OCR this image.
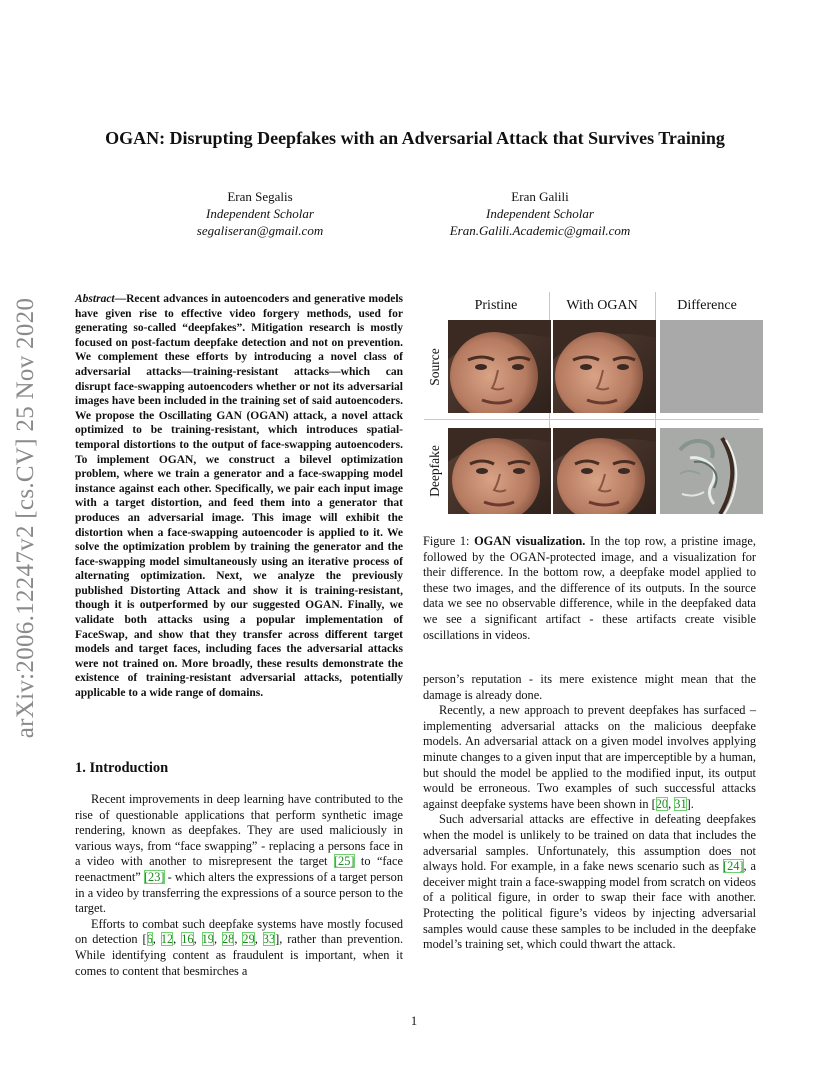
arXiv:2006.12247v2 [cs.CV] 25 Nov 2020
OGAN: Disrupting Deepfakes with an Adversarial Attack that Survives Training
Eran Segalis
Independent Scholar
segaliseran@gmail.com
Eran Galili
Independent Scholar
Eran.Galili.Academic@gmail.com
Abstract—Recent advances in autoencoders and generative models have given rise to effective video forgery methods, used for generating so-called “deepfakes”. Mitigation research is mostly focused on post-factum deepfake detection and not on prevention. We complement these efforts by introducing a novel class of adversarial attacks—training-resistant attacks—which can disrupt face-swapping autoencoders whether or not its adversarial images have been included in the training set of said autoencoders. We propose the Oscillating GAN (OGAN) attack, a novel attack optimized to be training-resistant, which introduces spatial-temporal distortions to the output of face-swapping autoencoders. To implement OGAN, we construct a bilevel optimization problem, where we train a generator and a face-swapping model instance against each other. Specifically, we pair each input image with a target distortion, and feed them into a generator that produces an adversarial image. This image will exhibit the distortion when a face-swapping autoencoder is applied to it. We solve the optimization problem by training the generator and the face-swapping model simultaneously using an iterative process of alternating optimization. Next, we analyze the previously published Distorting Attack and show it is training-resistant, though it is outperformed by our suggested OGAN. Finally, we validate both attacks using a popular implementation of FaceSwap, and show that they transfer across different target models and target faces, including faces the adversarial attacks were not trained on. More broadly, these results demonstrate the existence of training-resistant adversarial attacks, potentially applicable to a wide range of domains.
1. Introduction

Recent improvements in deep learning have contributed to the rise of questionable applications that perform synthetic image rendering, known as deepfakes. They are used maliciously in various ways, from “face swapping” - replacing a persons face in a video with another to misrepresent the target [25] to “face reenactment” [23] - which alters the expressions of a target person in a video by transferring the expressions of a source person to the target.

Efforts to combat such deepfake systems have mostly focused on detection [6, 12, 16, 19, 28, 29, 33], rather than prevention. While identifying content as fraudulent is important, when it comes to content that besmirches a

Pristine	With OGAN	Difference
Source
Deepfake
Figure 1: OGAN visualization. In the top row, a pristine image, followed by the OGAN-protected image, and a visualization for their difference. In the bottom row, a deepfake model applied to these two images, and the difference of its outputs. In the source data we see no observable difference, while in the deepfaked data we see a significant artifact - these artifacts create visible oscillations in videos.

person’s reputation - its mere existence might mean that the damage is already done.

Recently, a new approach to prevent deepfakes has surfaced – implementing adversarial attacks on the malicious deepfake models. An adversarial attack on a given model involves applying minute changes to a given input that are imperceptible by a human, but should the model be applied to the modified input, its output would be erroneous. Two examples of such successful attacks against deepfake systems have been shown in [20, 31].

Such adversarial attacks are effective in defeating deepfakes when the model is unlikely to be trained on data that includes the adversarial samples. Unfortunately, this assumption does not always hold. For example, in a fake news scenario such as [24], a deceiver might train a face-swapping model from scratch on videos of a political figure, in order to swap their face with another. Protecting the political figure’s videos by injecting adversarial samples would cause these samples to be included in the deepfake model’s training set, which could thwart the attack.

1
